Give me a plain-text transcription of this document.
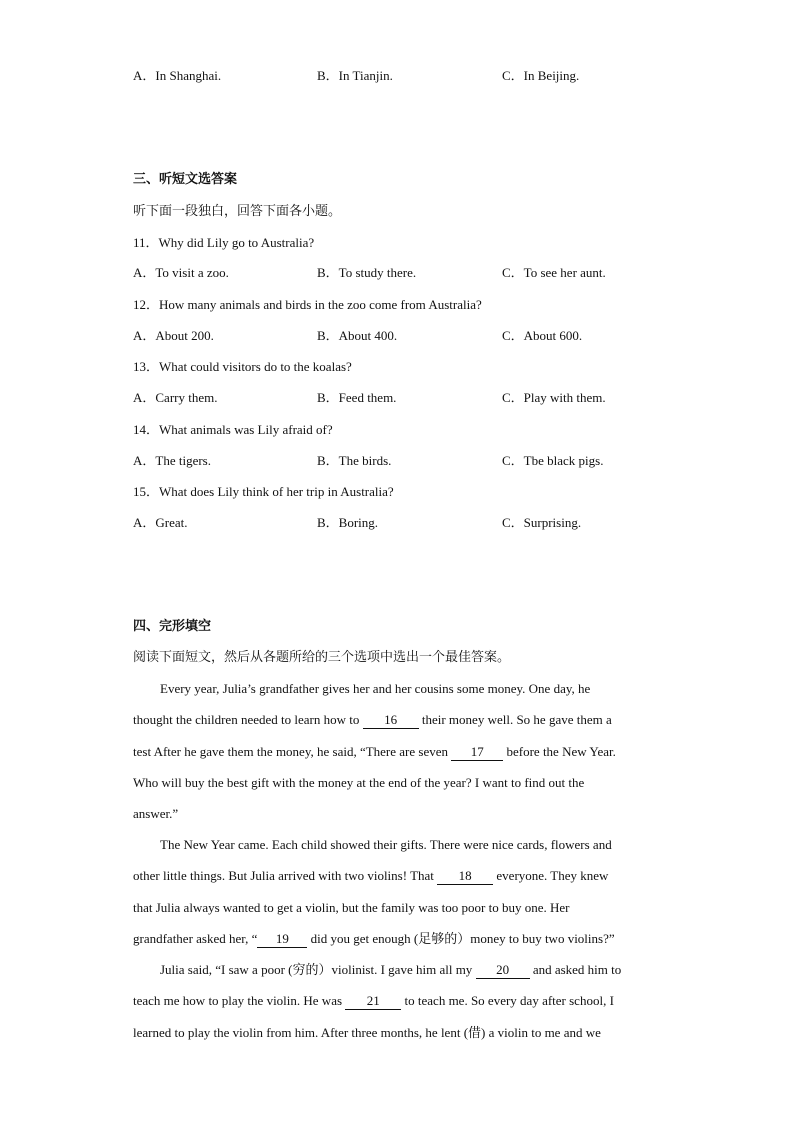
A．In Shanghai.	B．In Tianjin.	C．In Beijing.
三、听短文选答案
听下面一段独白，回答下面各小题。
11．Why did Lily go to Australia?
A．To visit a zoo.	B．To study there.	C．To see her aunt.
12．How many animals and birds in the zoo come from Australia?
A．About 200.	B．About 400.	C．About 600.
13．What could visitors do to the koalas?
A．Carry them.	B．Feed them.	C．Play with them.
14．What animals was Lily afraid of?
A．The tigers.	B．The birds.	C．Tbe black pigs.
15．What does Lily think of her trip in Australia?
A．Great.	B．Boring.	C．Surprising.
四、完形填空
阅读下面短文，然后从各题所给的三个选项中选出一个最佳答案。
Every year, Julia’s grandfather gives her and her cousins some money. One day, he
thought the children needed to learn how to 16 their money well. So he gave them a
test After he gave them the money, he said, “There are seven 17 before the New Year.
Who will buy the best gift with the money at the end of the year? I want to find out the
answer.”
The New Year came. Each child showed their gifts. There were nice cards, flowers and
other little things. But Julia arrived with two violins! That 18 everyone. They knew
that Julia always wanted to get a violin, but the family was too poor to buy one. Her
grandfather asked her, “ 19 did you get enough (足够的）money to buy two violins?”
Julia said, “I saw a poor (穷的）violinist. I gave him all my 20 and asked him to
teach me how to play the violin. He was 21 to teach me. So every day after school, I
learned to play the violin from him. After three months, he lent (借) a violin to me and we
